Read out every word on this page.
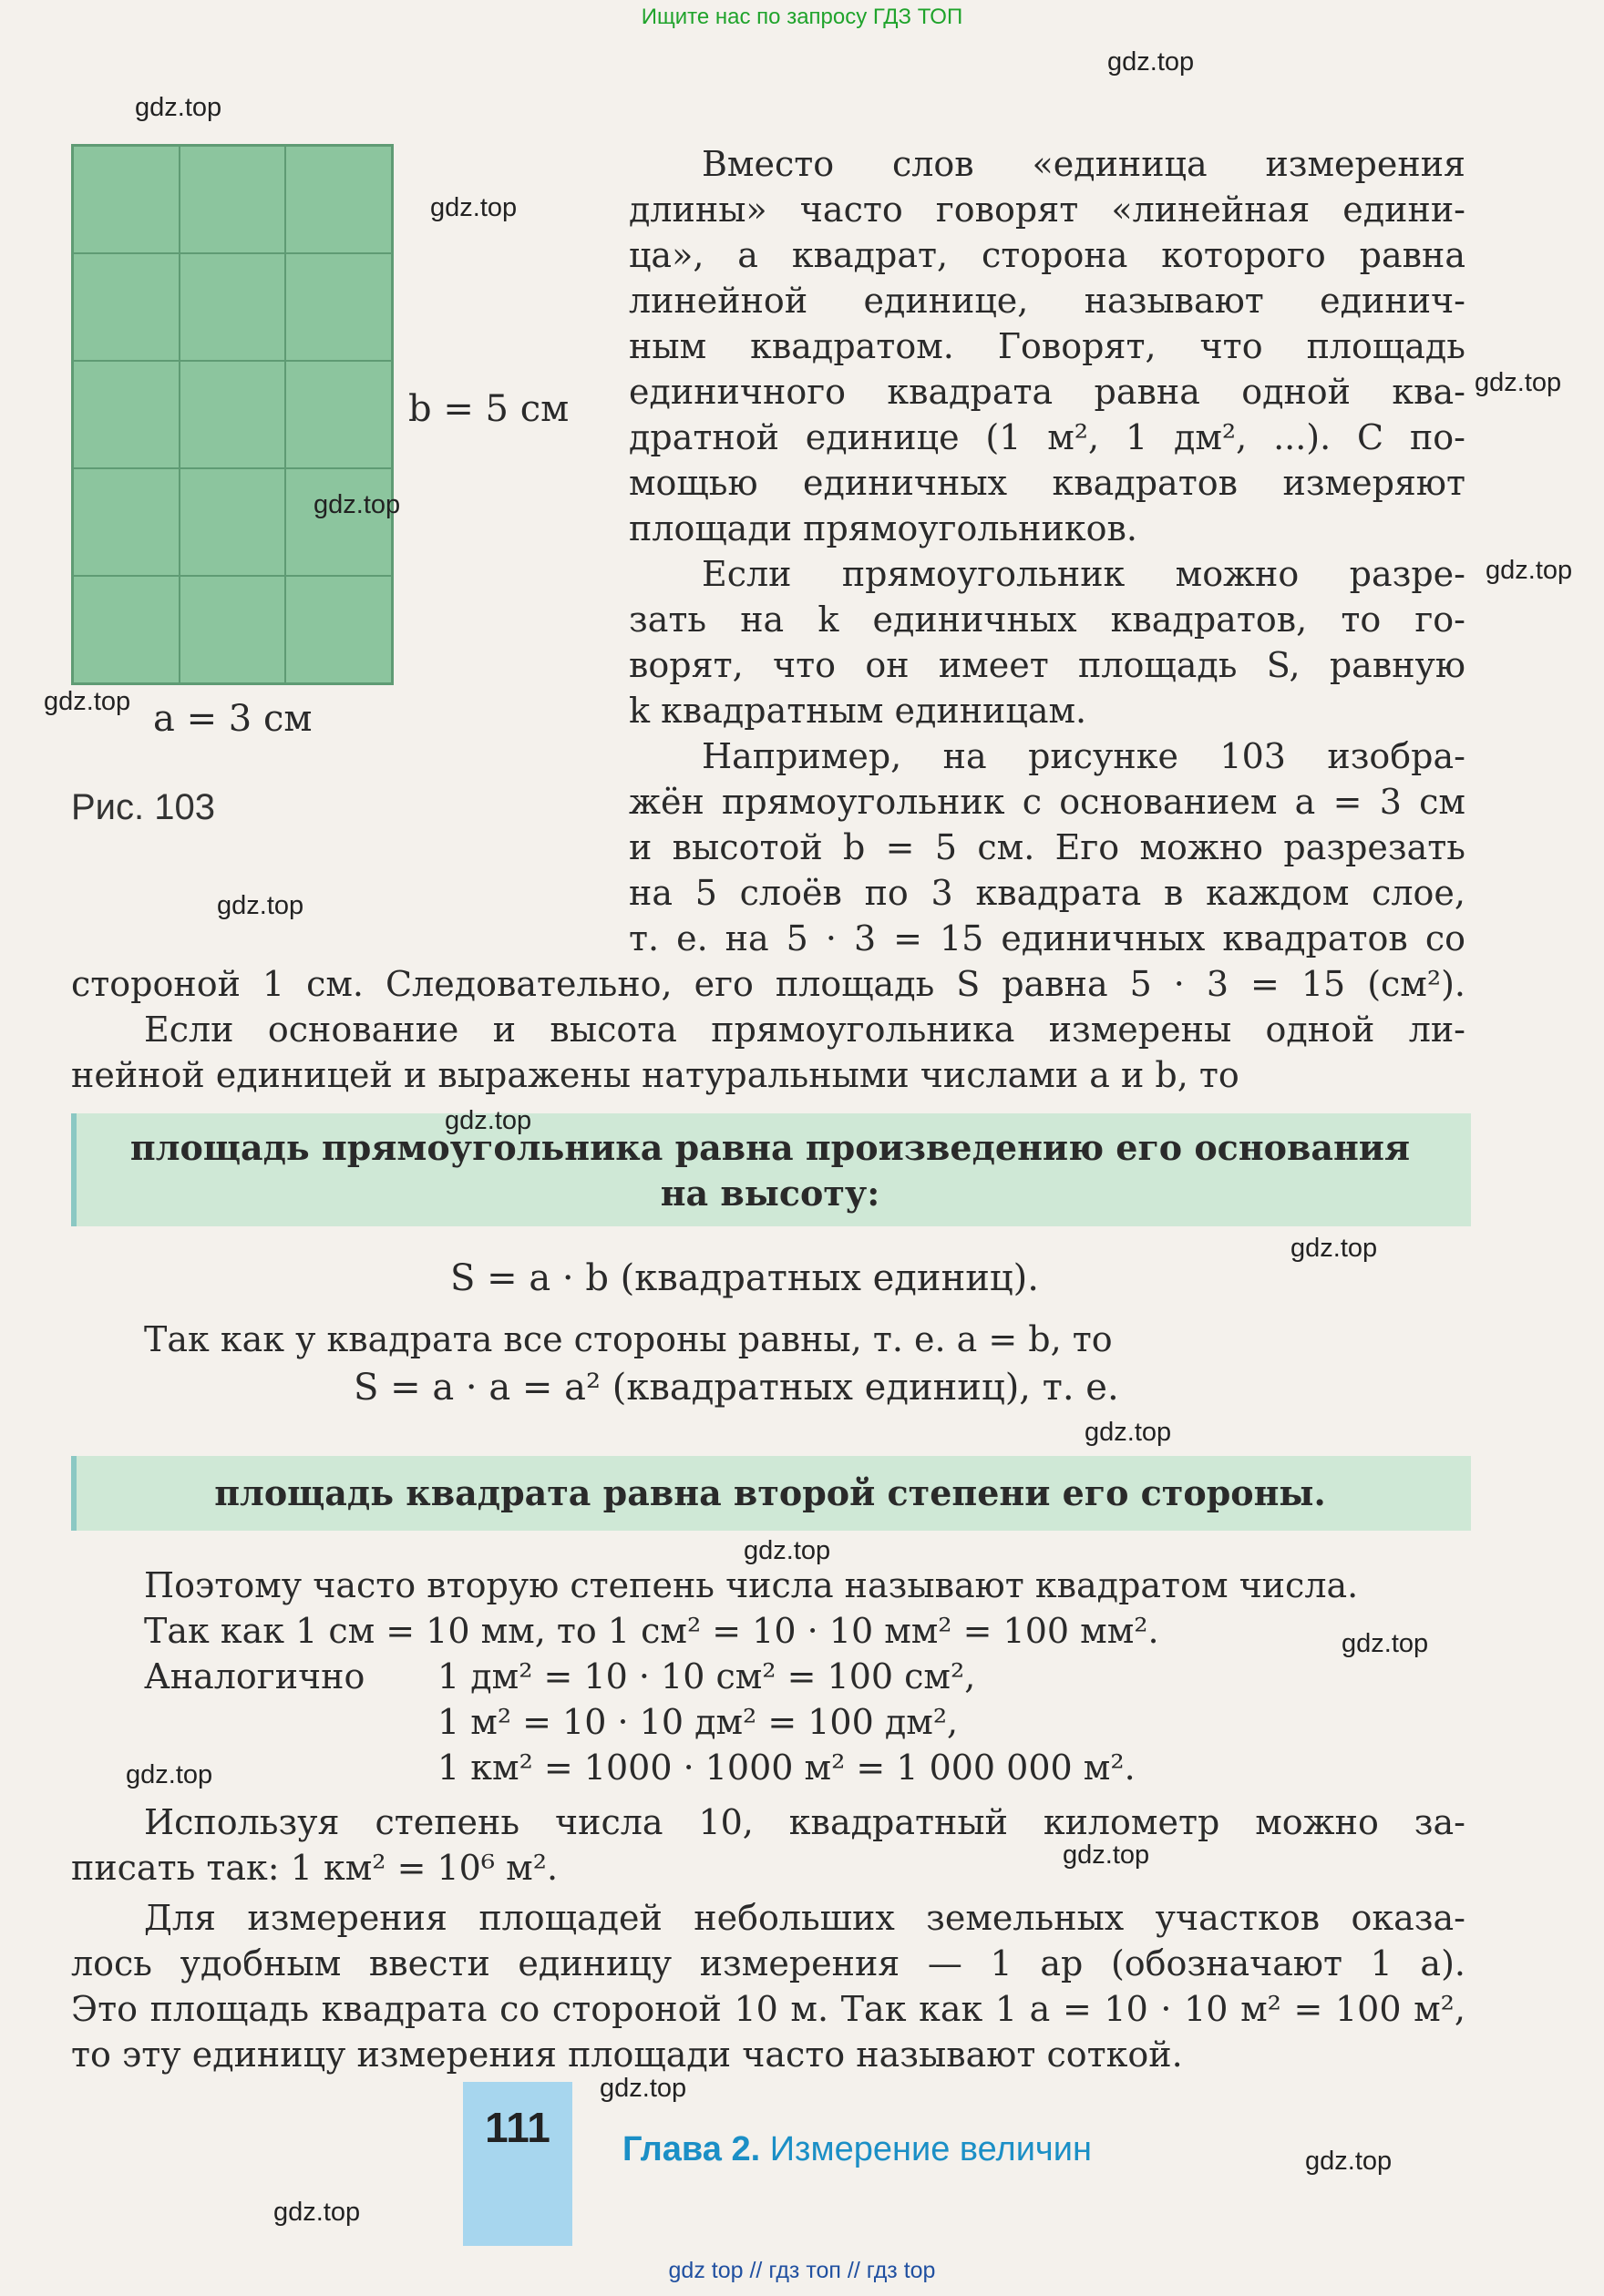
Ищите нас по запросу ГДЗ ТОП
b = 5 см
a = 3 см
Рис. 103
Вместо слов «единица измерения
длины» часто говорят «линейная едини-
ца», а квадрат, сторона которого равна
линейной единице, называют единич-
ным квадратом. Говорят, что площадь
единичного квадрата равна одной ква-
дратной единице (1 м², 1 дм², ...). С по-
мощью единичных квадратов измеряют
площади прямоугольников.
Если прямоугольник можно разре-
зать на k единичных квадратов, то го-
ворят, что он имеет площадь S, равную
k квадратным единицам.
Например, на рисунке 103 изобра-
жён прямоугольник с основанием a = 3 см
и высотой b = 5 см. Его можно разрезать
на 5 слоёв по 3 квадрата в каждом слое,
т. е. на 5 · 3 = 15 единичных квадратов со
стороной 1 см. Следовательно, его площадь S равна 5 · 3 = 15 (см²).
Если основание и высота прямоугольника измерены одной ли-
нейной единицей и выражены натуральными числами a и b, то
площадь прямоугольника равна произведению его основания
на высоту:
S = a · b (квадратных единиц).
Так как у квадрата все стороны равны, т. е. a = b, то
S = a · a = a² (квадратных единиц), т. е.
площадь квадрата равна второй степени его стороны.
Поэтому часто вторую степень числа называют квадратом числа.
Так как 1 см = 10 мм, то 1 см² = 10 · 10 мм² = 100 мм².
Аналогично 1 дм² = 10 · 10 см² = 100 см²,
1 м² = 10 · 10 дм² = 100 дм²,
1 км² = 1000 · 1000 м² = 1 000 000 м².
Используя степень числа 10, квадратный километр можно за-
писать так: 1 км² = 10⁶ м².
Для измерения площадей небольших земельных участков оказа-
лось удобным ввести единицу измерения — 1 ар (обозначают 1 а).
Это площадь квадрата со стороной 10 м. Так как 1 а = 10 · 10 м² = 100 м²,
то эту единицу измерения площади часто называют соткой.
111	Глава 2. Измерение величин
gdz top // гдз топ // гдз top
gdz.top
gdz.top
gdz.top
gdz.top
gdz.top
gdz.top
gdz.top
gdz.top
gdz.top
gdz.top
gdz.top
gdz.top
gdz.top
gdz.top
gdz.top
gdz.top
gdz.top
gdz.top
